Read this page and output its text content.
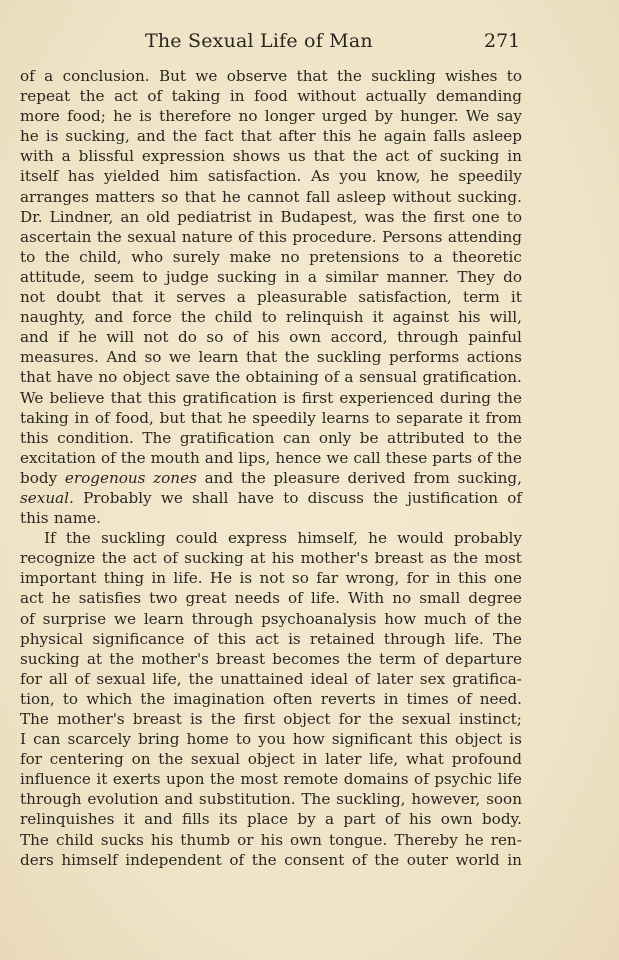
The Sexual Life of Man	271
of a conclusion. But we observe that the suckling wishes to
repeat the act of taking in food without actually demanding
more food; he is therefore no longer urged by hunger. We say
he is sucking, and the fact that after this he again falls asleep
with a blissful expression shows us that the act of sucking in
itself has yielded him satisfaction. As you know, he speedily
arranges matters so that he cannot fall asleep without sucking.
Dr. Lindner, an old pediatrist in Budapest, was the first one to
ascertain the sexual nature of this procedure. Persons attending
to the child, who surely make no pretensions to a theoretic
attitude, seem to judge sucking in a similar manner. They do
not doubt that it serves a pleasurable satisfaction, term it
naughty, and force the child to relinquish it against his will,
and if he will not do so of his own accord, through painful
measures. And so we learn that the suckling performs actions
that have no object save the obtaining of a sensual gratification.
We believe that this gratification is first experienced during the
taking in of food, but that he speedily learns to separate it from
this condition. The gratification can only be attributed to the
excitation of the mouth and lips, hence we call these parts of the
body erogenous zones and the pleasure derived from sucking,
sexual. Probably we shall have to discuss the justification of
this name.
If the suckling could express himself, he would probably
recognize the act of sucking at his mother's breast as the most
important thing in life. He is not so far wrong, for in this one
act he satisfies two great needs of life. With no small degree
of surprise we learn through psychoanalysis how much of the
physical significance of this act is retained through life. The
sucking at the mother's breast becomes the term of departure
for all of sexual life, the unattained ideal of later sex gratifica-
tion, to which the imagination often reverts in times of need.
The mother's breast is the first object for the sexual instinct;
I can scarcely bring home to you how significant this object is
for centering on the sexual object in later life, what profound
influence it exerts upon the most remote domains of psychic life
through evolution and substitution. The suckling, however, soon
relinquishes it and fills its place by a part of his own body.
The child sucks his thumb or his own tongue. Thereby he ren-
ders himself independent of the consent of the outer world in
